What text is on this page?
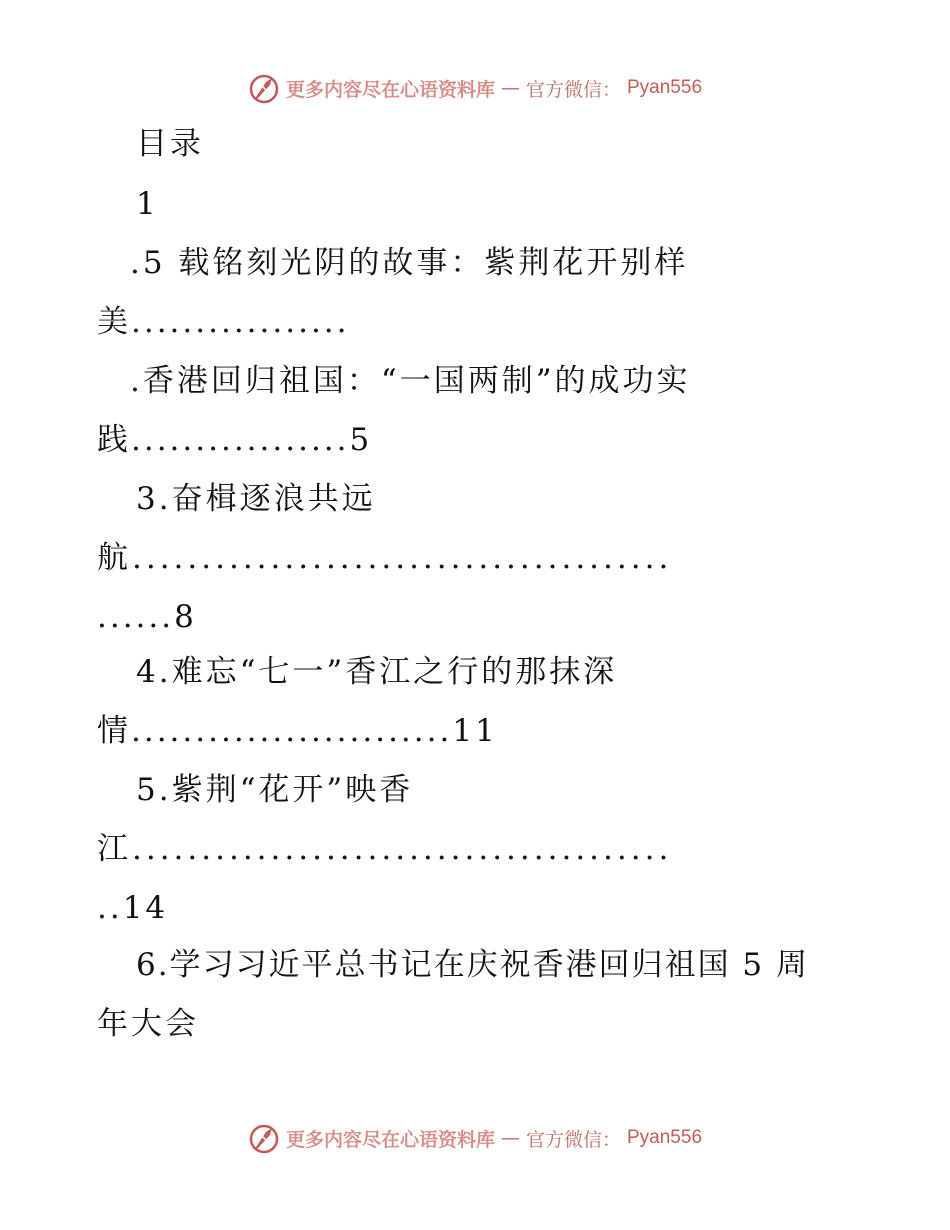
更多内容尽在心语资料库 — 官方微信： Pyan556
目录
1
.5 载铭刻光阴的故事：紫荆花开别样
美.................
.香港回归祖国：“一国两制”的成功实
践.................5
3.奋楫逐浪共远
航.......................................
......8
4.难忘“七一”香江之行的那抹深
情.........................11
5.紫荆“花开”映香
江.......................................
..14
6.学习习近平总书记在庆祝香港回归祖国 5 周
年大会
更多内容尽在心语资料库 — 官方微信： Pyan556
